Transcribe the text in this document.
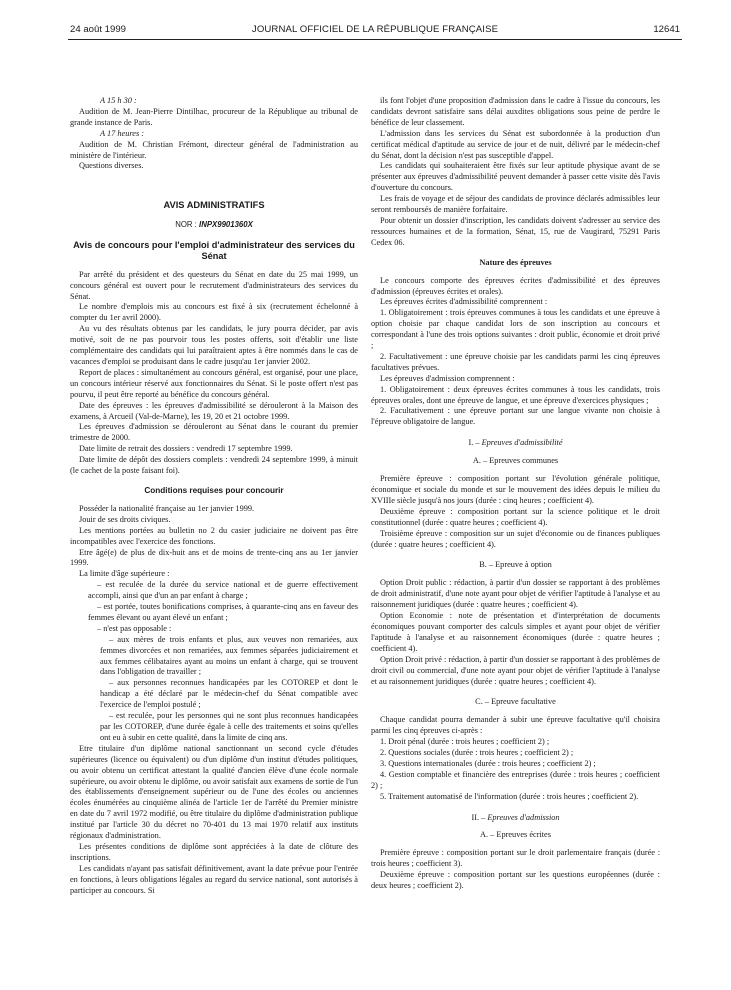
24 août 1999	JOURNAL OFFICIEL DE LA RÉPUBLIQUE FRANÇAISE	12641

A 15 h 30 :

Audition de M. Jean-Pierre Dintilhac, procureur de la République au tribunal de grande instance de Paris.

A 17 heures :

Audition de M. Christian Frémont, directeur général de l'administration au ministère de l'intérieur.

Questions diverses.

AVIS ADMINISTRATIFS
NOR : INPX9901360X
Avis de concours pour l'emploi d'administrateur des services du Sénat

Par arrêté du président et des questeurs du Sénat en date du 25 mai 1999, un concours général est ouvert pour le recrutement d'administrateurs des services du Sénat.

Le nombre d'emplois mis au concours est fixé à six (recrutement échelonné à compter du 1er avril 2000).

Au vu des résultats obtenus par les candidats, le jury pourra décider, par avis motivé, soit de ne pas pourvoir tous les postes offerts, soit d'établir une liste complémentaire des candidats qui lui paraîtraient aptes à être nommés dans le cas de vacances d'emploi se produisant dans le cadre jusqu'au 1er janvier 2002.

Report de places : simultanément au concours général, est organisé, pour une place, un concours intérieur réservé aux fonctionnaires du Sénat. Si le poste offert n'est pas pourvu, il peut être reporté au bénéfice du concours général.

Date des épreuves : les épreuves d'admissibilité se dérouleront à la Maison des examens, à Arcueil (Val-de-Marne), les 19, 20 et 21 octobre 1999.

Les épreuves d'admission se dérouleront au Sénat dans le courant du premier trimestre de 2000.

Date limite de retrait des dossiers : vendredi 17 septembre 1999.

Date limite de dépôt des dossiers complets : vendredi 24 septembre 1999, à minuit (le cachet de la poste faisant foi).

Conditions requises pour concourir

Posséder la nationalité française au 1er janvier 1999.

Jouir de ses droits civiques.

Les mentions portées au bulletin no 2 du casier judiciaire ne doivent pas être incompatibles avec l'exercice des fonctions.

Etre âgé(e) de plus de dix-huit ans et de moins de trente-cinq ans au 1er janvier 1999.

La limite d'âge supérieure :

– est reculée de la durée du service national et de guerre effectivement accompli, ainsi que d'un an par enfant à charge ;

– est portée, toutes bonifications comprises, à quarante-cinq ans en faveur des femmes élevant ou ayant élevé un enfant ;

– n'est pas opposable :

– aux mères de trois enfants et plus, aux veuves non remariées, aux femmes divorcées et non remariées, aux femmes séparées judiciairement et aux femmes célibataires ayant au moins un enfant à charge, qui se trouvent dans l'obligation de travailler ;

– aux personnes reconnues handicapées par les COTOREP et dont le handicap a été déclaré par le médecin-chef du Sénat compatible avec l'exercice de l'emploi postulé ;

– est reculée, pour les personnes qui ne sont plus reconnues handicapées par les COTOREP, d'une durée égale à celle des traitements et soins qu'elles ont eu à subir en cette qualité, dans la limite de cinq ans.

Etre titulaire d'un diplôme national sanctionnant un second cycle d'études supérieures (licence ou équivalent) ou d'un diplôme d'un institut d'études politiques, ou avoir obtenu un certificat attestant la qualité d'ancien élève d'une école normale supérieure, ou avoir obtenu le diplôme, ou avoir satisfait aux examens de sortie de l'un des établissements d'enseignement supérieur ou de l'une des écoles ou anciennes écoles énumérées au cinquième alinéa de l'article 1er de l'arrêté du Premier ministre en date du 7 avril 1972 modifié, ou être titulaire du diplôme d'administration publique institué par l'article 30 du décret no 70-401 du 13 mai 1970 relatif aux instituts régionaux d'administration.

Les présentes conditions de diplôme sont appréciées à la date de clôture des inscriptions.

Les candidats n'ayant pas satisfait définitivement, avant la date prévue pour l'entrée en fonctions, à leurs obligations légales au regard du service national, sont autorisés à participer au concours. Si

ils font l'objet d'une proposition d'admission dans le cadre à l'issue du concours, les candidats devront satisfaire sans délai auxdites obligations sous peine de perdre le bénéfice de leur classement.

L'admission dans les services du Sénat est subordonnée à la production d'un certificat médical d'aptitude au service de jour et de nuit, délivré par le médecin-chef du Sénat, dont la décision n'est pas susceptible d'appel.

Les candidats qui souhaiteraient être fixés sur leur aptitude physique avant de se présenter aux épreuves d'admissibilité peuvent demander à passer cette visite dès l'avis d'ouverture du concours.

Les frais de voyage et de séjour des candidats de province déclarés admissibles leur seront remboursés de manière forfaitaire.

Pour obtenir un dossier d'inscription, les candidats doivent s'adresser au service des ressources humaines et de la formation, Sénat, 15, rue de Vaugirard, 75291 Paris Cedex 06.

Nature des épreuves

Le concours comporte des épreuves écrites d'admissibilité et des épreuves d'admission (épreuves écrites et orales).

Les épreuves écrites d'admissibilité comprennent :

1. Obligatoirement : trois épreuves communes à tous les candidats et une épreuve à option choisie par chaque candidat lors de son inscription au concours et correspondant à l'une des trois options suivantes : droit public, économie et droit privé ;

2. Facultativement : une épreuve choisie par les candidats parmi les cinq épreuves facultatives prévues.

Les épreuves d'admission comprennent :

1. Obligatoirement : deux épreuves écrites communes à tous les candidats, trois épreuves orales, dont une épreuve de langue, et une épreuve d'exercices physiques ;

2. Facultativement : une épreuve portant sur une langue vivante non choisie à l'épreuve obligatoire de langue.

I. – Epreuves d'admissibilité
A. – Epreuves communes

Première épreuve : composition portant sur l'évolution générale politique, économique et sociale du monde et sur le mouvement des idées depuis le milieu du XVIIIe siècle jusqu'à nos jours (durée : cinq heures ; coefficient 4).

Deuxième épreuve : composition portant sur la science politique et le droit constitutionnel (durée : quatre heures ; coefficient 4).

Troisième épreuve : composition sur un sujet d'économie ou de finances publiques (durée : quatre heures ; coefficient 4).

B. – Epreuve à option

Option Droit public : rédaction, à partir d'un dossier se rapportant à des problèmes de droit administratif, d'une note ayant pour objet de vérifier l'aptitude à l'analyse et au raisonnement juridiques (durée : quatre heures ; coefficient 4).

Option Economie : note de présentation et d'interprétation de documents économiques pouvant comporter des calculs simples et ayant pour objet de vérifier l'aptitude à l'analyse et au raisonnement économiques (durée : quatre heures ; coefficient 4).

Option Droit privé : rédaction, à partir d'un dossier se rapportant à des problèmes de droit civil ou commercial, d'une note ayant pour objet de vérifier l'aptitude à l'analyse et au raisonnement juridiques (durée : quatre heures ; coefficient 4).

C. – Epreuve facultative

Chaque candidat pourra demander à subir une épreuve facultative qu'il choisira parmi les cinq épreuves ci-après :

1. Droit pénal (durée : trois heures ; coefficient 2) ;

2. Questions sociales (durée : trois heures ; coefficient 2) ;

3. Questions internationales (durée : trois heures ; coefficient 2) ;

4. Gestion comptable et financière des entreprises (durée : trois heures ; coefficient 2) ;

5. Traitement automatisé de l'information (durée : trois heures ; coefficient 2).

II. – Epreuves d'admission
A. – Epreuves écrites

Première épreuve : composition portant sur le droit parlementaire français (durée : trois heures ; coefficient 3).

Deuxième épreuve : composition portant sur les questions européennes (durée : deux heures ; coefficient 2).
